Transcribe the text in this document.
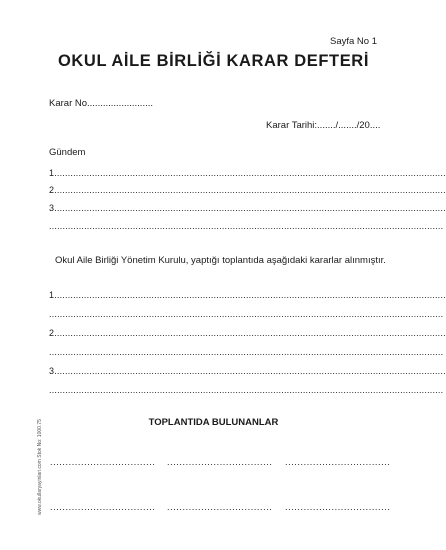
Sayfa No 1
OKUL AİLE BİRLİĞİ KARAR DEFTERİ
Karar No.........................
Karar Tarihi:......./......./20....
Gündem
1.................................................................................................................................................
2.................................................................................................................................................
3.................................................................................................................................................
..................................................................................................................................................
Okul Aile Birliği Yönetim Kurulu, yaptığı toplantıda aşağıdaki kararlar alınmıştır.
1.................................................................................................................................................
..................................................................................................................................................
2.................................................................................................................................................
..................................................................................................................................................
3.................................................................................................................................................
..................................................................................................................................................
TOPLANTIDA BULUNANLAR
.................................. .................................. ..................................
.................................. .................................. ..................................
www.okullaryayinlari.com Stok No: 1000.75
